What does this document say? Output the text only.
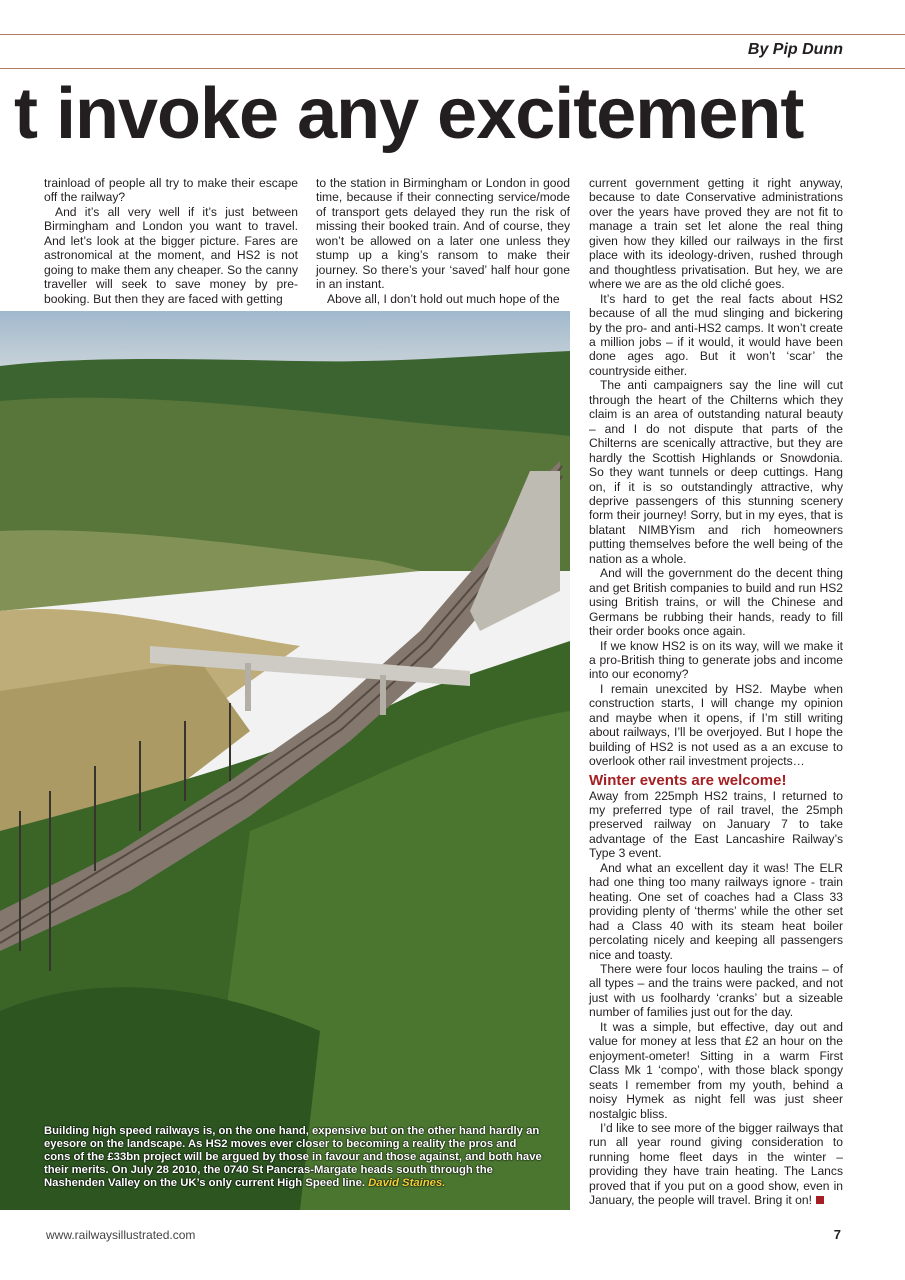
By Pip Dunn
t invoke any excitement

trainload of people all try to make their escape off the railway?

And it’s all very well if it’s just between Birmingham and London you want to travel. And let’s look at the bigger picture. Fares are astronomical at the moment, and HS2 is not going to make them any cheaper. So the canny traveller will seek to save money by pre-booking. But then they are faced with getting

to the station in Birmingham or London in good time, because if their connecting service/mode of transport gets delayed they run the risk of missing their booked train. And of course, they won’t be allowed on a later one unless they stump up a king’s ransom to make their journey. So there’s your ‘saved’ half hour gone in an instant.

Above all, I don’t hold out much hope of the

current government getting it right anyway, because to date Conservative administrations over the years have proved they are not fit to manage a train set let alone the real thing given how they killed our railways in the first place with its ideology-driven, rushed through and thoughtless privatisation. But hey, we are where we are as the old cliché goes.

It’s hard to get the real facts about HS2 because of all the mud slinging and bickering by the pro- and anti-HS2 camps. It won’t create a million jobs – if it would, it would have been done ages ago. But it won’t ‘scar’ the countryside either.

The anti campaigners say the line will cut through the heart of the Chilterns which they claim is an area of outstanding natural beauty – and I do not dispute that parts of the Chilterns are scenically attractive, but they are hardly the Scottish Highlands or Snowdonia. So they want tunnels or deep cuttings. Hang on, if it is so outstandingly attractive, why deprive passengers of this stunning scenery form their journey! Sorry, but in my eyes, that is blatant NIMBYism and rich homeowners putting themselves before the well being of the nation as a whole.

And will the government do the decent thing and get British companies to build and run HS2 using British trains, or will the Chinese and Germans be rubbing their hands, ready to fill their order books once again.

If we know HS2 is on its way, will we make it a pro-British thing to generate jobs and income into our economy?

I remain unexcited by HS2. Maybe when construction starts, I will change my opinion and maybe when it opens, if I’m still writing about railways, I’ll be overjoyed. But I hope the building of HS2 is not used as a an excuse to overlook other rail investment projects…

Winter events are welcome!

Away from 225mph HS2 trains, I returned to my preferred type of rail travel, the 25mph preserved railway on January 7 to take advantage of the East Lancashire Railway’s Type 3 event.

And what an excellent day it was! The ELR had one thing too many railways ignore - train heating. One set of coaches had a Class 33 providing plenty of ‘therms’ while the other set had a Class 40 with its steam heat boiler percolating nicely and keeping all passengers nice and toasty.

There were four locos hauling the trains – of all types – and the trains were packed, and not just with us foolhardy ‘cranks’ but a sizeable number of families just out for the day.

It was a simple, but effective, day out and value for money at less that £2 an hour on the enjoyment-ometer! Sitting in a warm First Class Mk 1 ‘compo’, with those black spongy seats I remember from my youth, behind a noisy Hymek as night fell was just sheer nostalgic bliss.

I’d like to see more of the bigger railways that run all year round giving consideration to running home fleet days in the winter – providing they have train heating. The Lancs proved that if you put on a good show, even in January, the people will travel. Bring it on!

Building high speed railways is, on the one hand, expensive but on the other hand hardly an eyesore on the landscape. As HS2 moves ever closer to becoming a reality the pros and cons of the £33bn project will be argued by those in favour and those against, and both have their merits. On July 28 2010, the 0740 St Pancras-Margate heads south through the Nashenden Valley on the UK’s only current High Speed line. David Staines.
www.railwaysillustrated.com	7
